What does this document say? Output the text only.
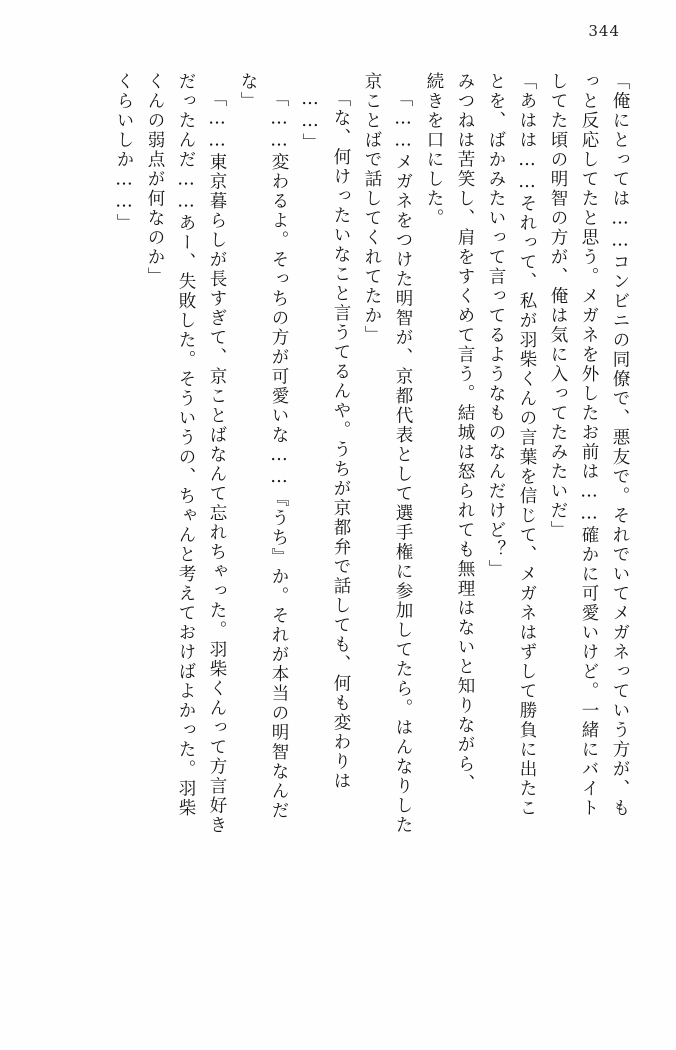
344
「俺にとっては……コンビニの同僚で、悪友で。それでいてメガネっていう方が、も
っと反応してたと思う。メガネを外したお前は……確かに可愛いけど。一緒にバイト
してた頃の明智の方が、俺は気に入ってたみたいだ」
「あはは……それって、私が羽柴くんの言葉を信じて、メガネはずして勝負に出たこ
とを、ばかみたいって言ってるようなものなんだけど？」
みつねは苦笑し、肩をすくめて言う。結城は怒られても無理はないと知りながら、
続きを口にした。
「……メガネをつけた明智が、京都代表として選手権に参加してたら。はんなりした
京ことばで話してくれてたか」
「な、何けったいなこと言うてるんや。うちが京都弁で話しても、何も変わりは
……」
「……変わるよ。そっちの方が可愛いな……『うち』か。それが本当の明智なんだ
な」
「……東京暮らしが長すぎて、京ことばなんて忘れちゃった。羽柴くんって方言好き
だったんだ……あー、失敗した。そういうの、ちゃんと考えておけばよかった。羽柴
くんの弱点が何なのか」
くらいしか……」
